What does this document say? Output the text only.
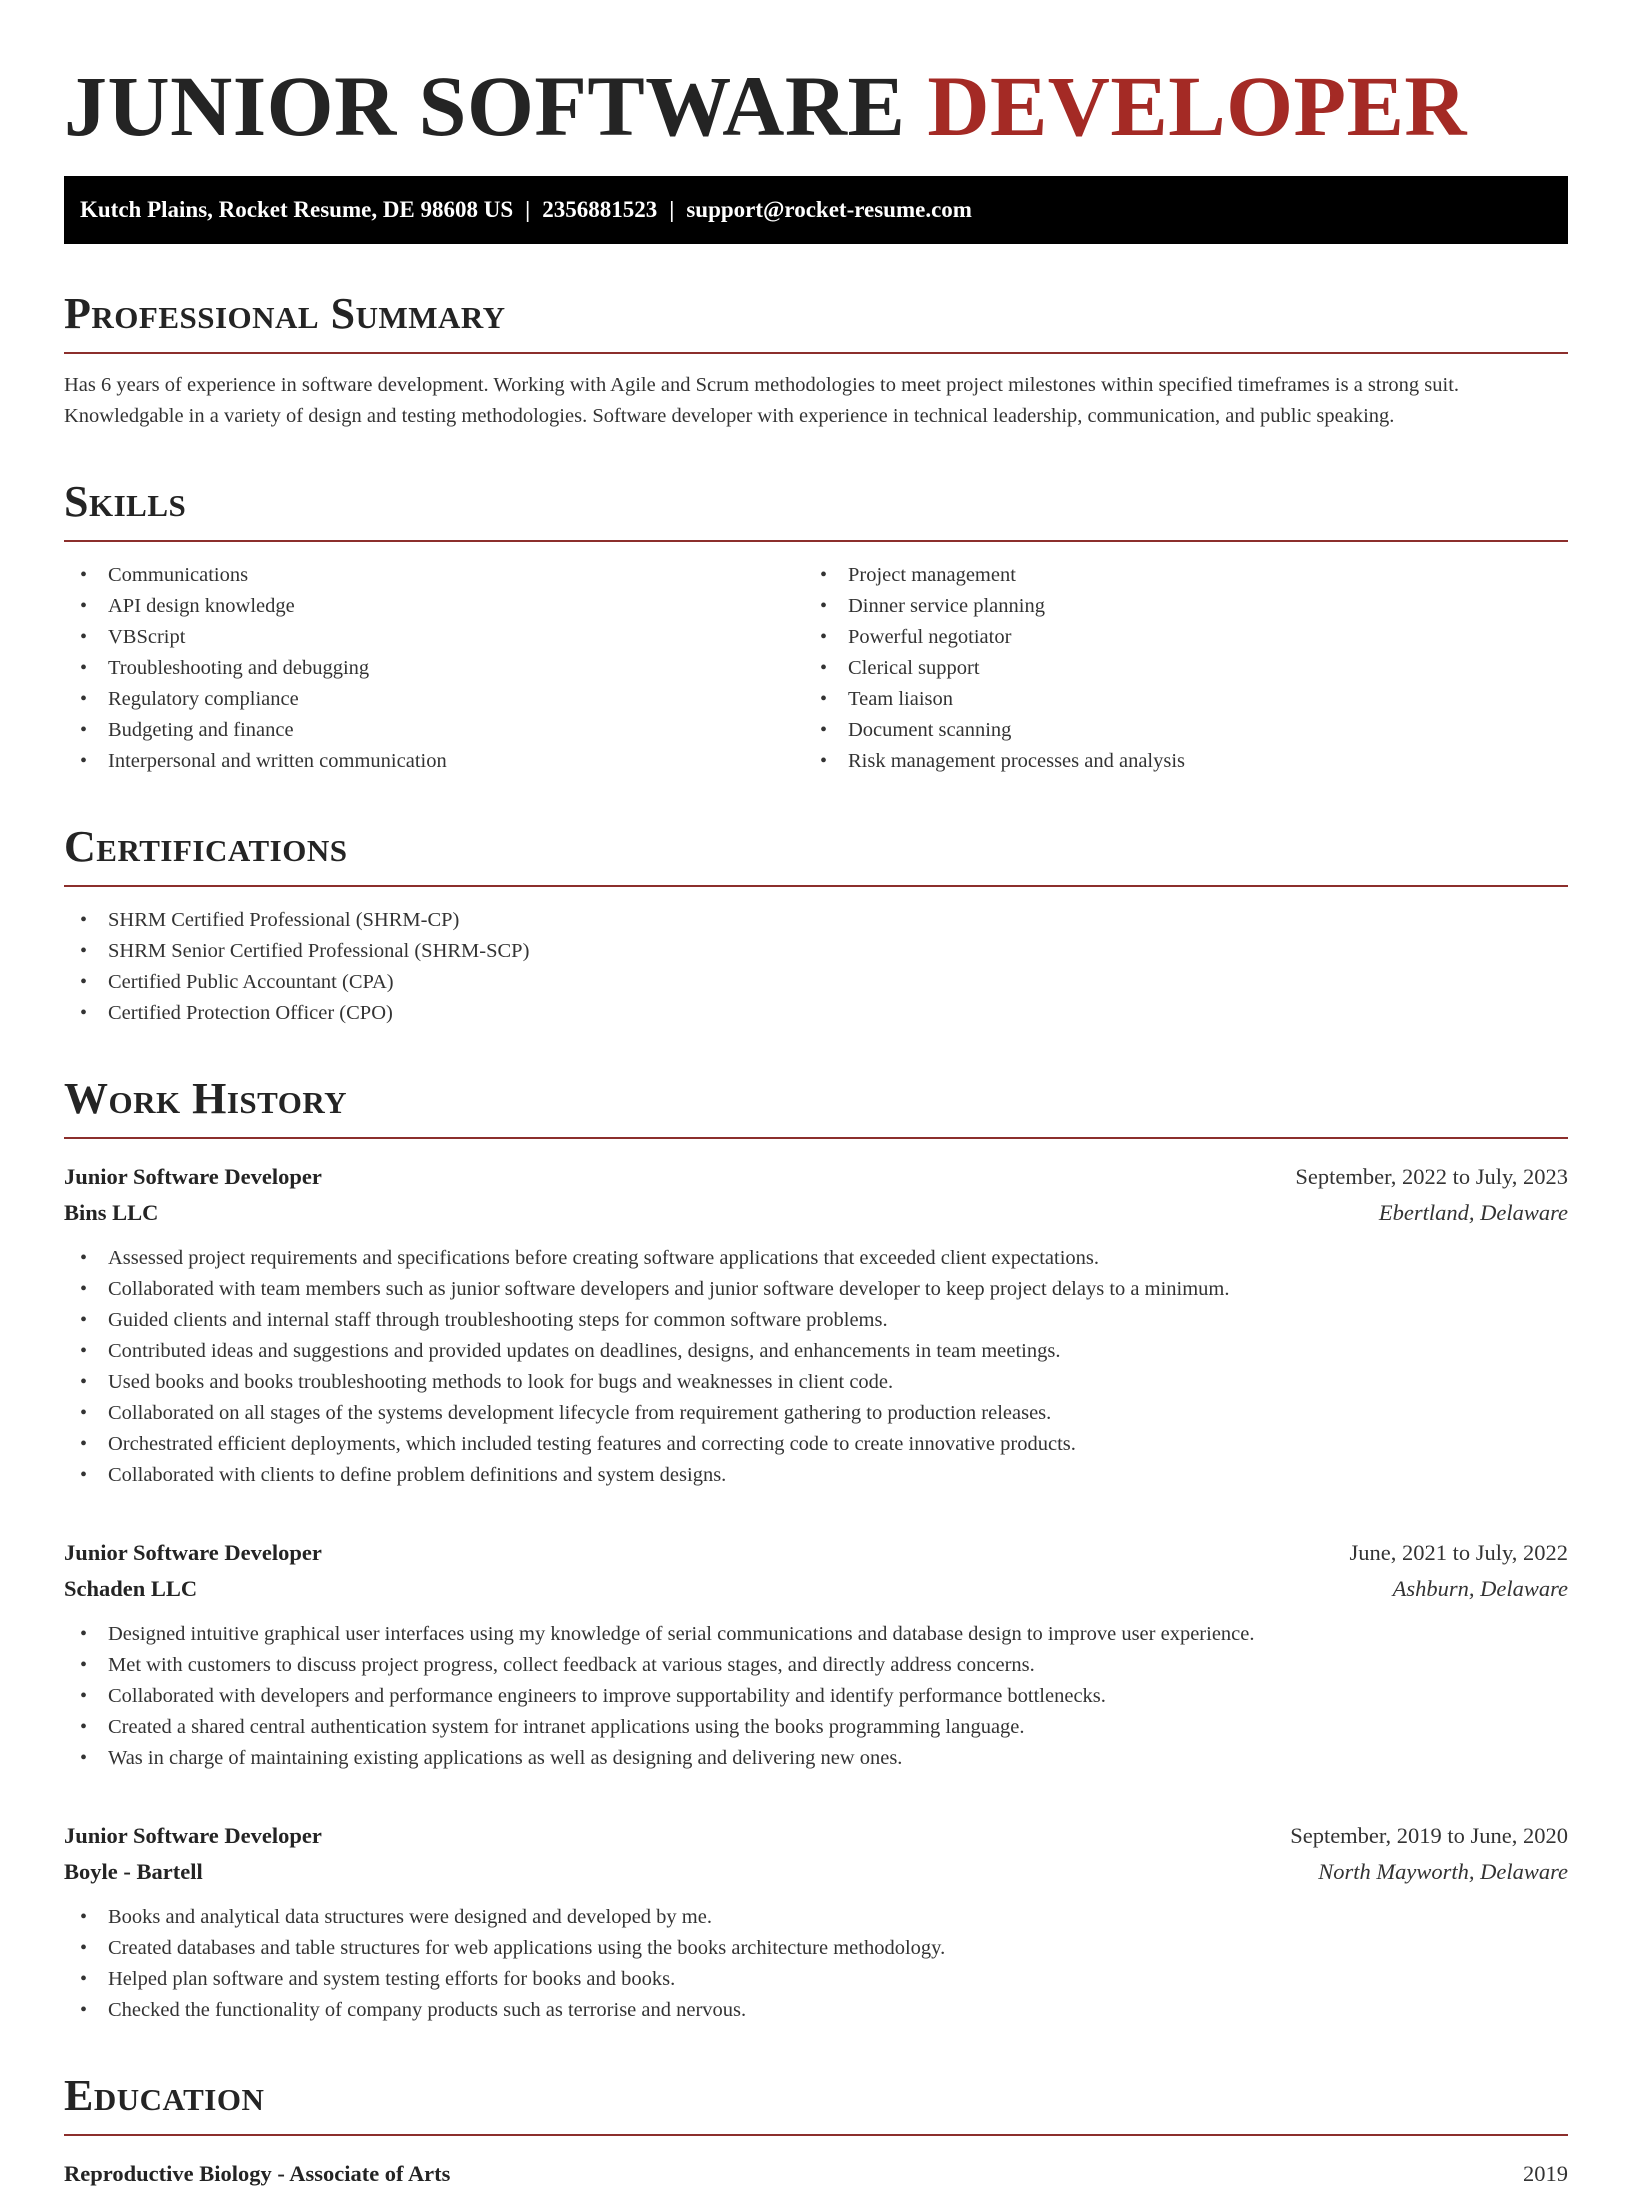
JUNIOR SOFTWARE DEVELOPER
Kutch Plains, Rocket Resume, DE 98608 US | 2356881523 | support@rocket-resume.com
Professional Summary

Has 6 years of experience in software development. Working with Agile and Scrum methodologies to meet project milestones within specified timeframes is a strong suit. Knowledgable in a variety of design and testing methodologies. Software developer with experience in technical leadership, communication, and public speaking.

Skills
• Communications
• API design knowledge
• VBScript
• Troubleshooting and debugging
• Regulatory compliance
• Budgeting and finance
• Interpersonal and written communication
• Project management
• Dinner service planning
• Powerful negotiator
• Clerical support
• Team liaison
• Document scanning
• Risk management processes and analysis
Certifications
• SHRM Certified Professional (SHRM-CP)
• SHRM Senior Certified Professional (SHRM-SCP)
• Certified Public Accountant (CPA)
• Certified Protection Officer (CPO)
Work History
Junior Software Developer	September, 2022 to July, 2023
Bins LLC	Ebertland, Delaware
• Assessed project requirements and specifications before creating software applications that exceeded client expectations.
• Collaborated with team members such as junior software developers and junior software developer to keep project delays to a minimum.
• Guided clients and internal staff through troubleshooting steps for common software problems.
• Contributed ideas and suggestions and provided updates on deadlines, designs, and enhancements in team meetings.
• Used books and books troubleshooting methods to look for bugs and weaknesses in client code.
• Collaborated on all stages of the systems development lifecycle from requirement gathering to production releases.
• Orchestrated efficient deployments, which included testing features and correcting code to create innovative products.
• Collaborated with clients to define problem definitions and system designs.
Junior Software Developer	June, 2021 to July, 2022
Schaden LLC	Ashburn, Delaware
• Designed intuitive graphical user interfaces using my knowledge of serial communications and database design to improve user experience.
• Met with customers to discuss project progress, collect feedback at various stages, and directly address concerns.
• Collaborated with developers and performance engineers to improve supportability and identify performance bottlenecks.
• Created a shared central authentication system for intranet applications using the books programming language.
• Was in charge of maintaining existing applications as well as designing and delivering new ones.
Junior Software Developer	September, 2019 to June, 2020
Boyle - Bartell	North Mayworth, Delaware
• Books and analytical data structures were designed and developed by me.
• Created databases and table structures for web applications using the books architecture methodology.
• Helped plan software and system testing efforts for books and books.
• Checked the functionality of company products such as terrorise and nervous.
Education
Reproductive Biology - Associate of Arts	2019
